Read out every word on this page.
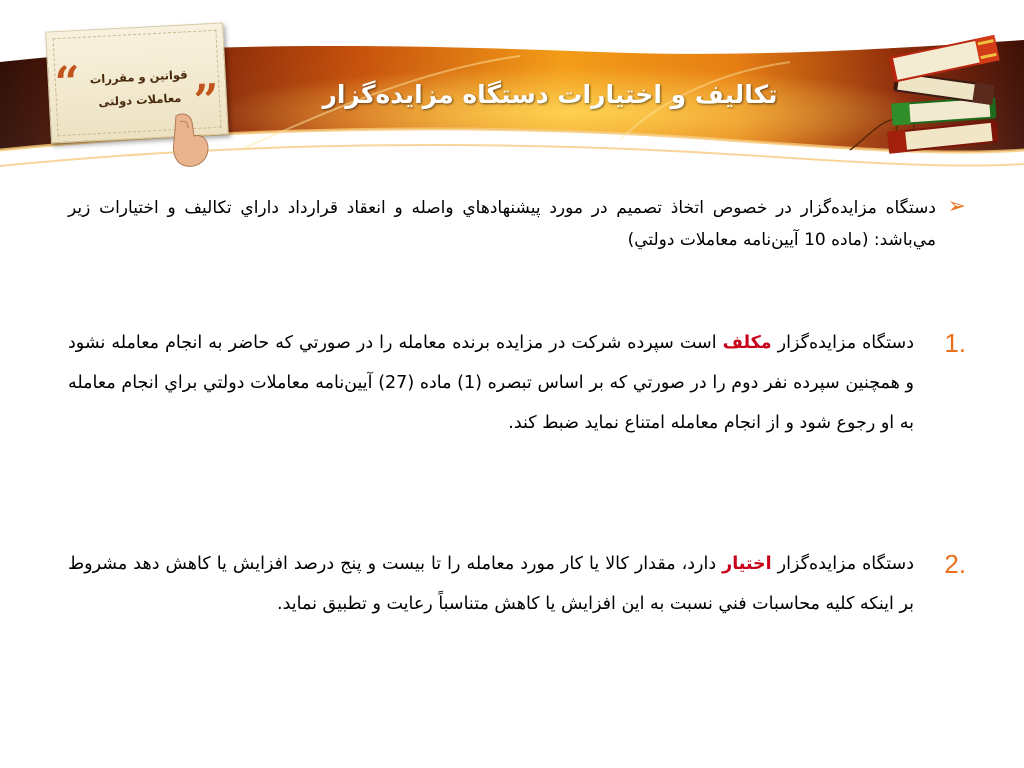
“	„
قوانين و مقررات
معاملات دولتی	تكاليف و اختيارات دستگاه مزايده‌گزار
➢

دستگاه مزايده‌گزار در خصوص اتخاذ تصميم در مورد پيشنهادهاي واصله و انعقاد قرارداد داراي تكاليف و اختيارات زير مي‌باشد: (ماده 10 آيين‌نامه معاملات دولتي)

1.

دستگاه مزايده‌گزار مكلف است سپرده شركت در مزايده برنده معامله را در صورتي كه حاضر به انجام معامله نشود و همچنين سپرده نفر دوم را در صورتي كه بر اساس تبصره (1) ماده (27) آيين‌نامه معاملات دولتي براي انجام معامله به او رجوع شود و از انجام معامله امتناع نمايد ضبط كند.

2.

دستگاه مزايده‌گزار اختيار دارد، مقدار كالا يا كار مورد معامله را تا بيست و پنج درصد افزايش يا كاهش دهد مشروط بر اينكه كليه محاسبات فني نسبت به اين افزايش يا كاهش متناسباً رعايت و تطبيق نمايد.
